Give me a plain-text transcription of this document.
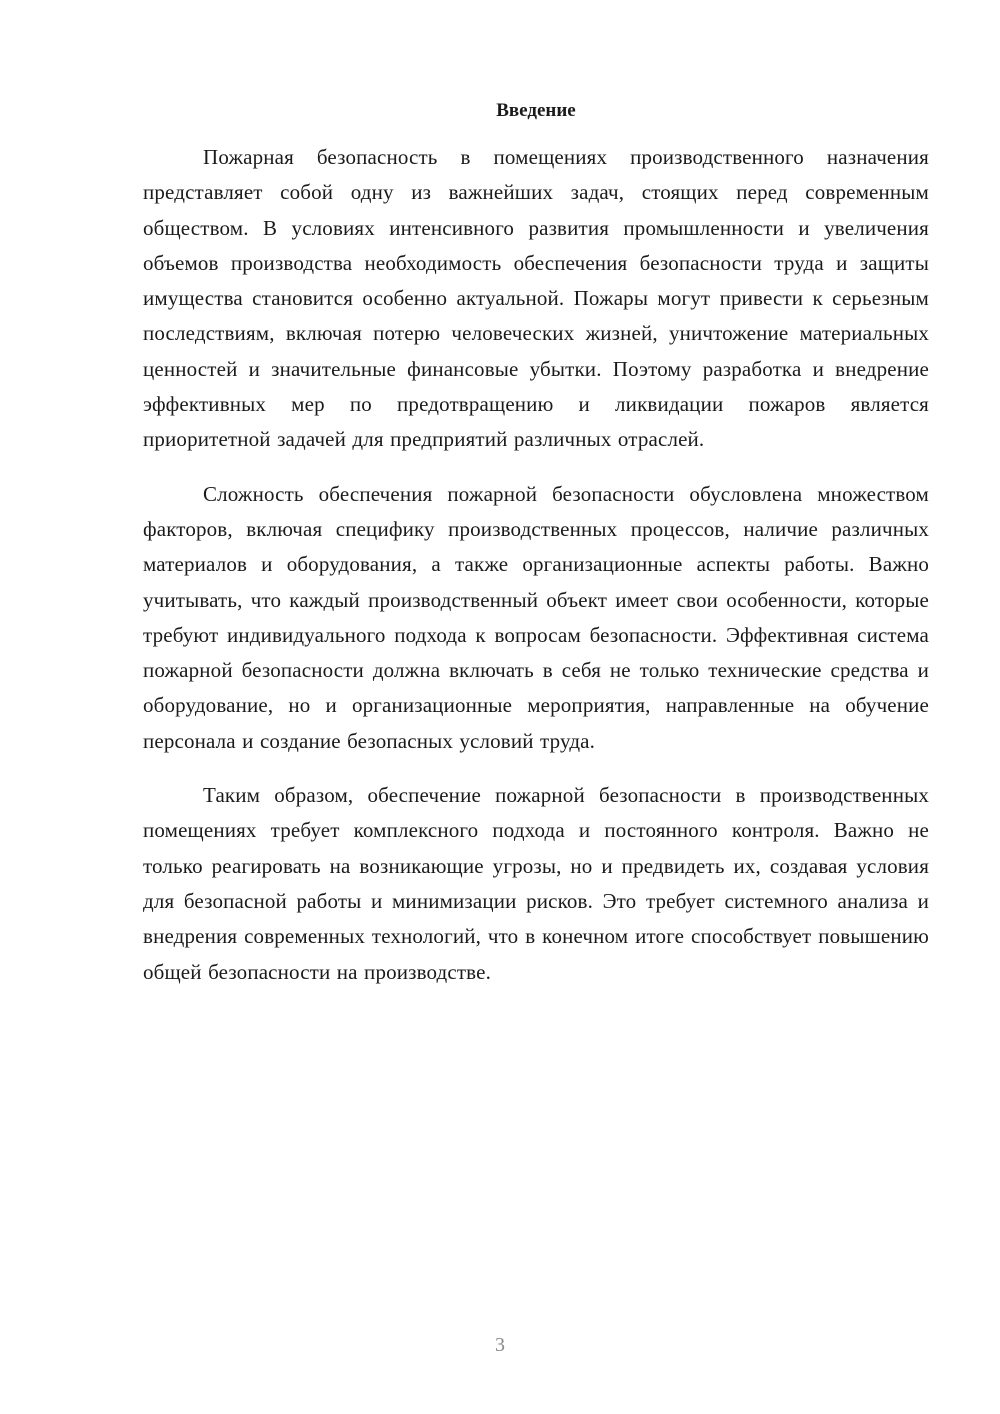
Введение

Пожарная безопасность в помещениях производственного назначения представляет собой одну из важнейших задач, стоящих перед современным обществом. В условиях интенсивного развития промышленности и увеличения объемов производства необходимость обеспечения безопасности труда и защиты имущества становится особенно актуальной. Пожары могут привести к серьезным последствиям, включая потерю человеческих жизней, уничтожение материальных ценностей и значительные финансовые убытки. Поэтому разработка и внедрение эффективных мер по предотвращению и ликвидации пожаров является приоритетной задачей для предприятий различных отраслей.

Сложность обеспечения пожарной безопасности обусловлена множеством факторов, включая специфику производственных процессов, наличие различных материалов и оборудования, а также организационные аспекты работы. Важно учитывать, что каждый производственный объект имеет свои особенности, которые требуют индивидуального подхода к вопросам безопасности. Эффективная система пожарной безопасности должна включать в себя не только технические средства и оборудование, но и организационные мероприятия, направленные на обучение персонала и создание безопасных условий труда.

Таким образом, обеспечение пожарной безопасности в производственных помещениях требует комплексного подхода и постоянного контроля. Важно не только реагировать на возникающие угрозы, но и предвидеть их, создавая условия для безопасной работы и минимизации рисков. Это требует системного анализа и внедрения современных технологий, что в конечном итоге способствует повышению общей безопасности на производстве.

3
